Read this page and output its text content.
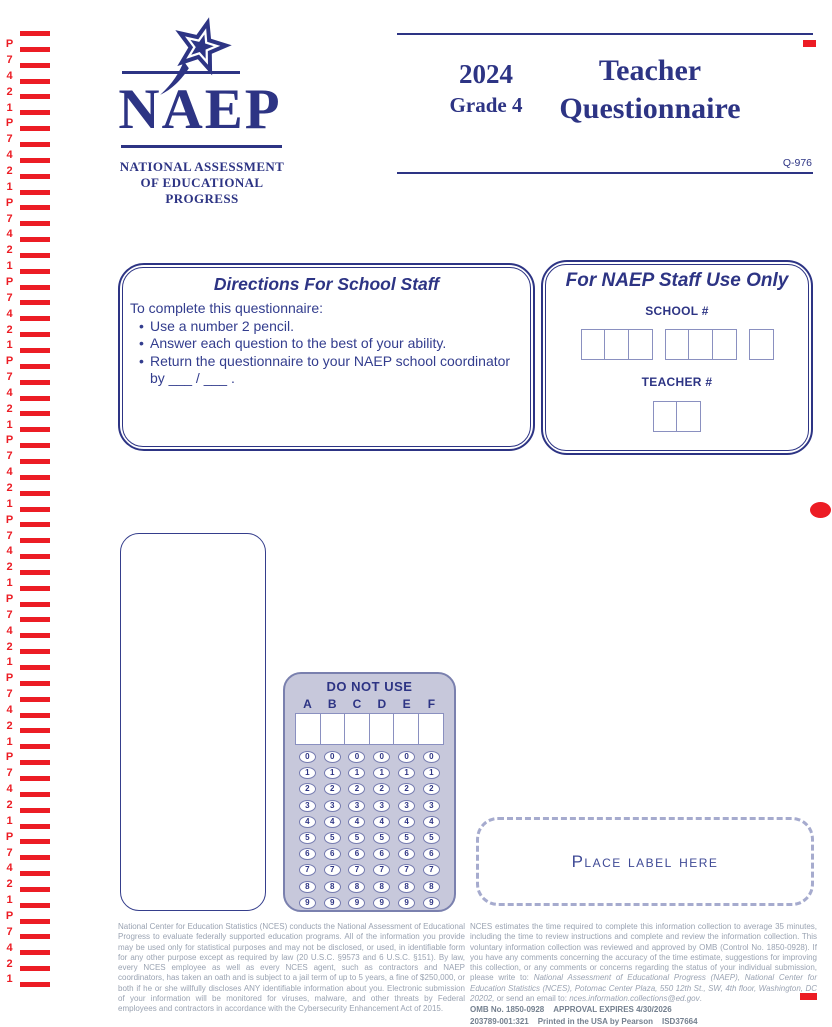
P
7
4
2
1
P
7
4
2
1
P
7
4
2
1
P
7
4
2
1
P
7
4
2
1
P
7
4
2
1
P
7
4
2
1
P
7
4
2
1
P
7
4
2
1
P
7
4
2
1
P
7
4
2
1
P
7
4
2
1
NAEP
NATIONAL ASSESSMENT
OF EDUCATIONAL
PROGRESS
2024
Grade 4
Teacher
Questionnaire
Q-976
Directions For School Staff
To complete this questionnaire:
• Use a number 2 pencil.
• Answer each question to the best of your ability.
• Return the questionnaire to your NAEP school coordinator by ___ / ___ .
For NAEP Staff Use Only
SCHOOL #
TEACHER #
DO NOT USE
A	B	C	D	E	F
0	0	0	0	0	0
1	1	1	1	1	1
2	2	2	2	2	2
3	3	3	3	3	3
4	4	4	4	4	4
5	5	5	5	5	5
6	6	6	6	6	6
7	7	7	7	7	7
8	8	8	8	8	8
9	9	9	9	9	9
Place label here

National Center for Education Statistics (NCES) conducts the National Assessment of Educational Progress to evaluate federally supported education programs. All of the information you provide may be used only for statistical purposes and may not be disclosed, or used, in identifiable form for any other purpose except as required by law (20 U.S.C. §9573 and 6 U.S.C. §151). By law, every NCES employee as well as every NCES agent, such as contractors and NAEP coordinators, has taken an oath and is subject to a jail term of up to 5 years, a fine of $250,000, or both if he or she willfully discloses ANY identifiable information about you. Electronic submission of your information will be monitored for viruses, malware, and other threats by Federal employees and contractors in accordance with the Cybersecurity Enhancement Act of 2015.

NCES estimates the time required to complete this information collection to average 35 minutes, including the time to review instructions and complete and review the information collection. This voluntary information collection was reviewed and approved by OMB (Control No. 1850-0928). If you have any comments concerning the accuracy of the time estimate, suggestions for improving this collection, or any comments or concerns regarding the status of your individual submission, please write to: National Assessment of Educational Progress (NAEP), National Center for Education Statistics (NCES), Potomac Center Plaza, 550 12th St., SW, 4th floor, Washington, DC 20202, or send an email to: nces.information.collections@ed.gov.

OMB No. 1850-0928 APPROVAL EXPIRES 4/30/2026
203789-001:321 Printed in the USA by Pearson ISD37664
